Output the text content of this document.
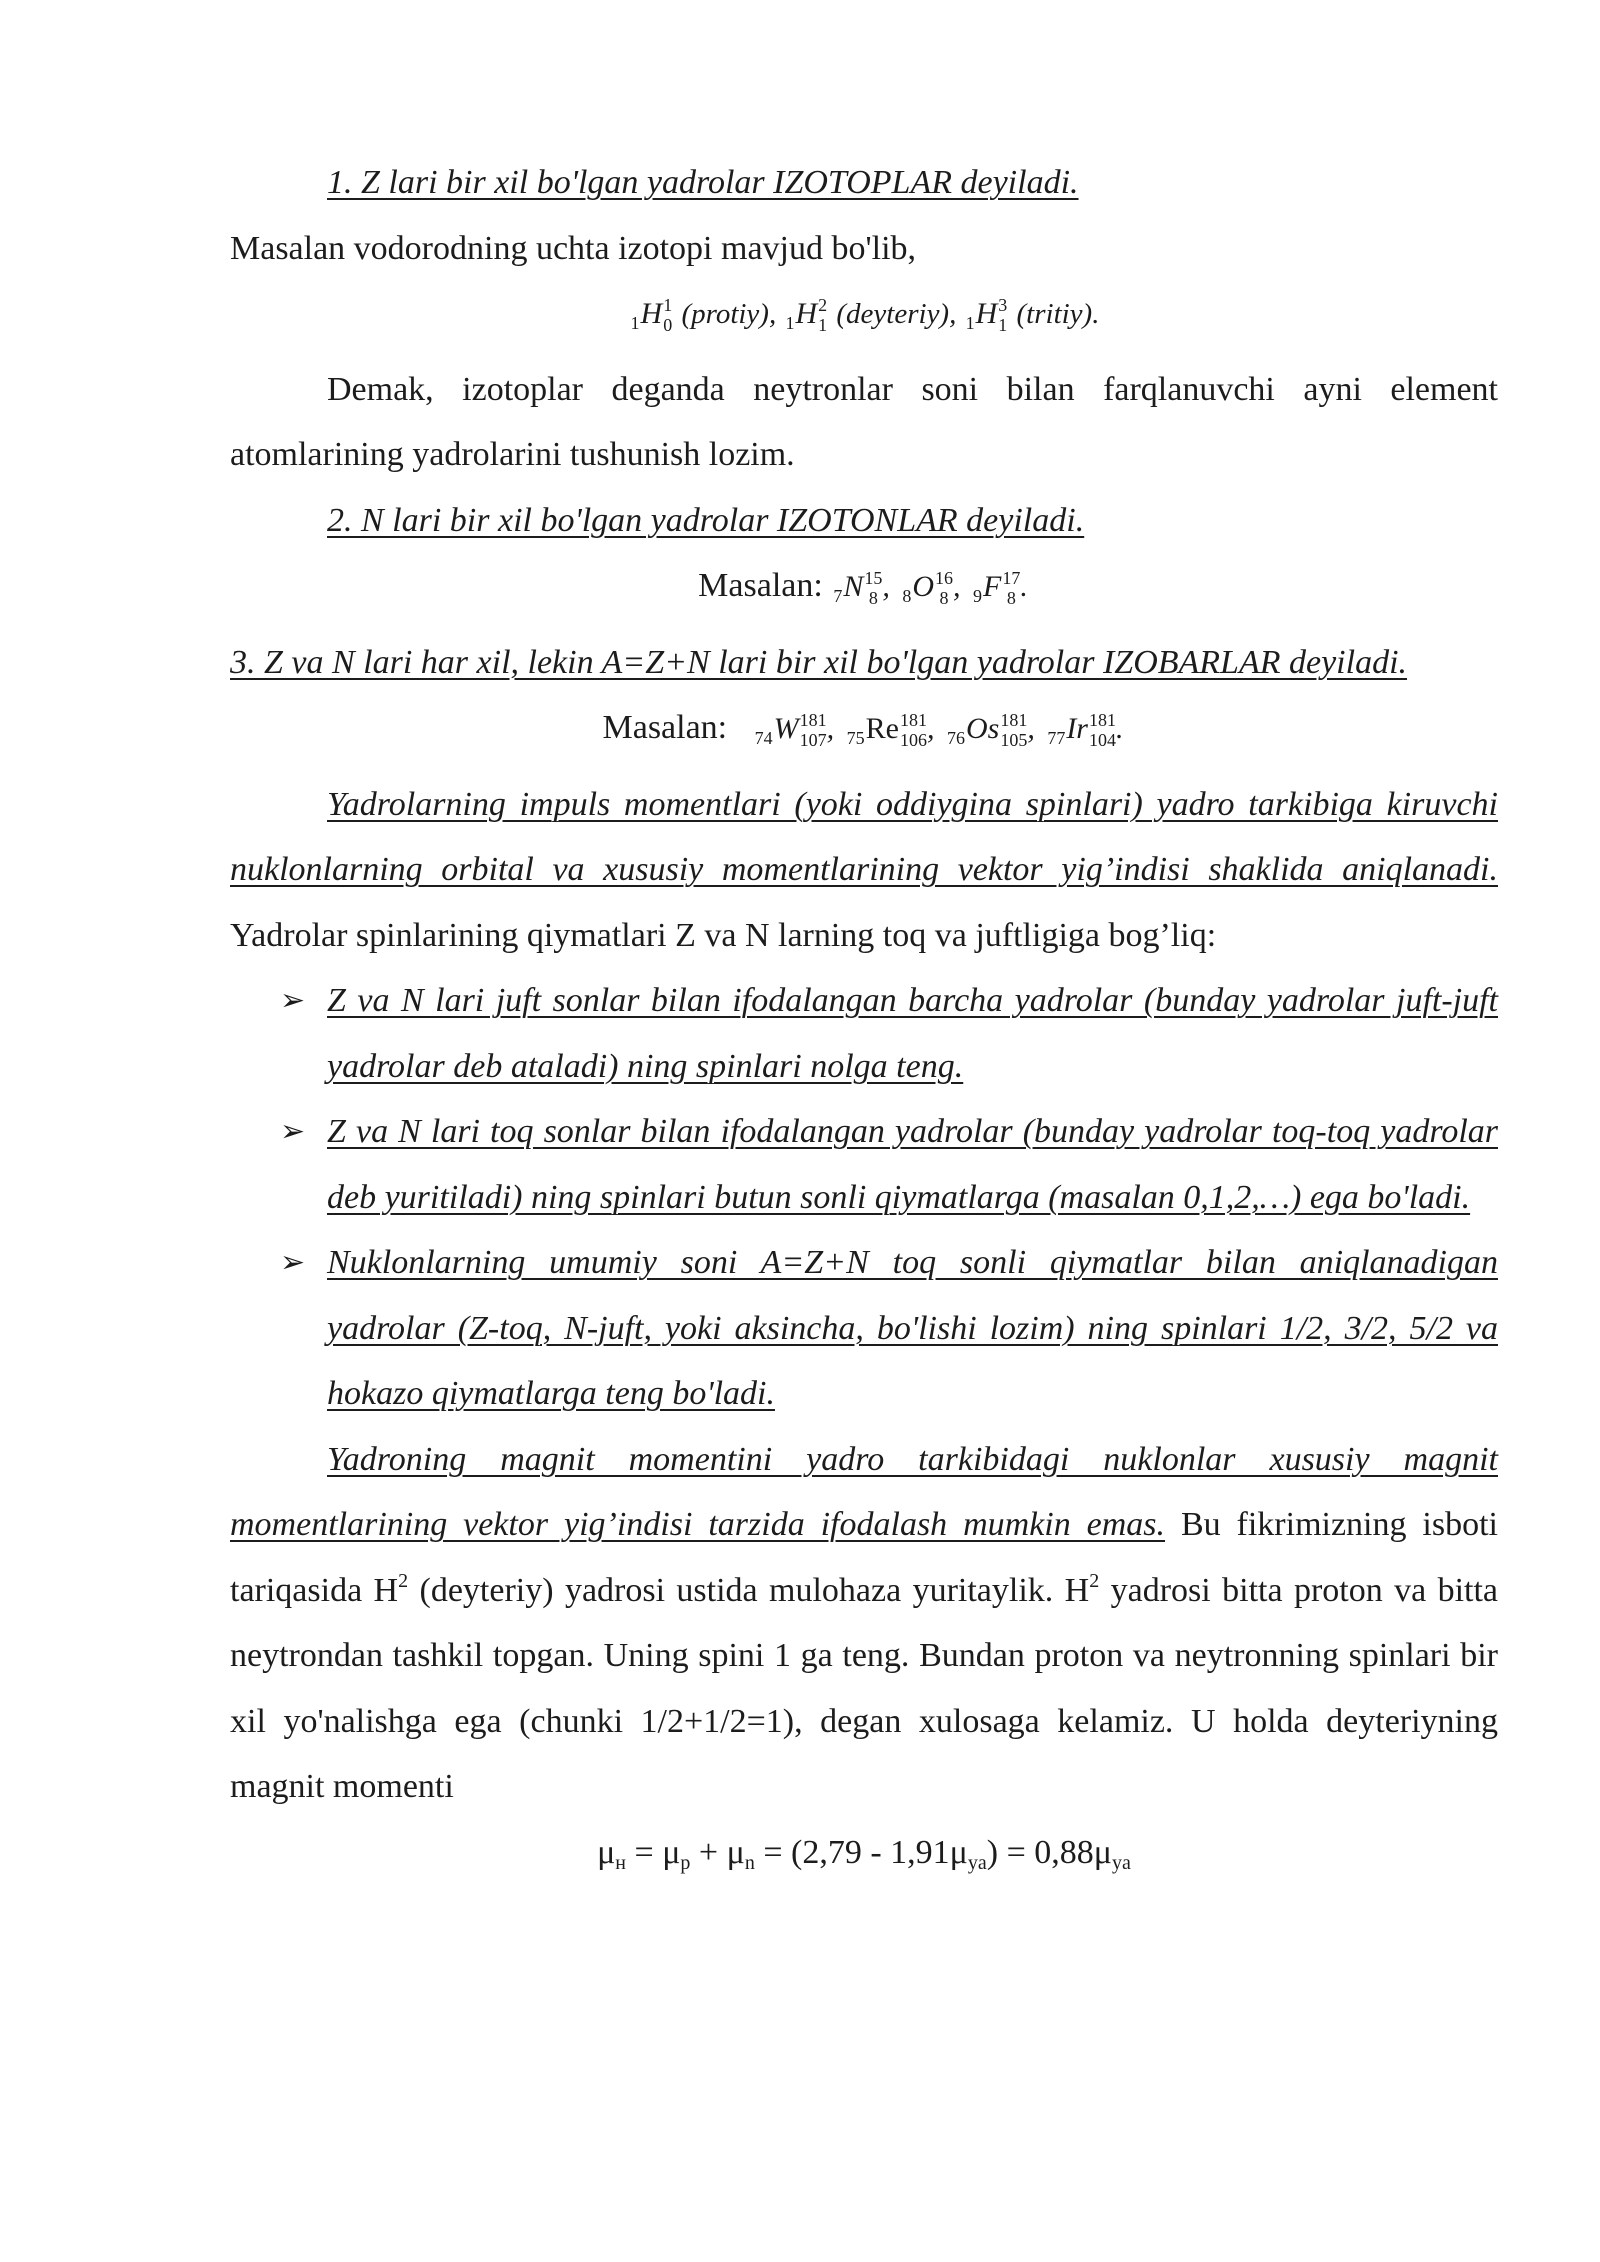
1. Z lari bir xil bo'lgan yadrolar IZOTOPLAR deyiladi.

Masalan vodorodning uchta izotopi mavjud bo'lib,

$_1$H 1
0 (protiy), $_1$H 2
1 (deyteriy), $_1$H 3
1 (tritiy).

Demak, izotoplar deganda neytronlar soni bilan farqlanuvchi ayni element atomlarining yadrolarini tushunish lozim.

2. N lari bir xil bo'lgan yadrolar IZOTONLAR deyiladi.

Masalan: $_7$N 15
8 , $_8$O 16
8 , $_9$F 17
8 .

3. Z va N lari har xil, lekin A=Z+N lari bir xil bo'lgan yadrolar IZOBARLAR deyiladi.

Masalan: $_{74}$W 181
107 , $_{75}$Re 181
106 , $_{76}$Os 181
105 , $_{77}$Ir 181
104 .

Yadrolarning impuls momentlari (yoki oddiygina spinlari) yadro tarkibiga kiruvchi nuklonlarning orbital va xususiy momentlarining vektor yig’indisi shaklida aniqlanadi. Yadrolar spinlarining qiymatlari Z va N larning toq va juftligiga bog’liq:

➢ Z va N lari juft sonlar bilan ifodalangan barcha yadrolar (bunday yadrolar juft-juft yadrolar deb ataladi) ning spinlari nolga teng.
➢ Z va N lari toq sonlar bilan ifodalangan yadrolar (bunday yadrolar toq-toq yadrolar deb yuritiladi) ning spinlari butun sonli qiymatlarga (masalan 0,1,2,…) ega bo'ladi.
➢ Nuklonlarning umumiy soni A=Z+N toq sonli qiymatlar bilan aniqlanadigan yadrolar (Z-toq, N-juft, yoki aksincha, bo'lishi lozim) ning spinlari 1/2, 3/2, 5/2 va hokazo qiymatlarga teng bo'ladi.

Yadroning magnit momentini yadro tarkibidagi nuklonlar xususiy magnit momentlarining vektor yig’indisi tarzida ifodalash mumkin emas. Bu fikrimizning isboti tariqasida $H^2$ (deyteriy) yadrosi ustida mulohaza yuritaylik. $H^2$ yadrosi bitta proton va bitta neytrondan tashkil topgan. Uning spini 1 ga teng. Bundan proton va neytronning spinlari bir xil yo'nalishga ega (chunki 1/2+1/2=1), degan xulosaga kelamiz. U holda deyteriyning magnit momenti

$\mu_н = \mu_p + \mu_n = (2,79 - 1,91\mu_{ya}) = 0,88\mu_{ya}$
